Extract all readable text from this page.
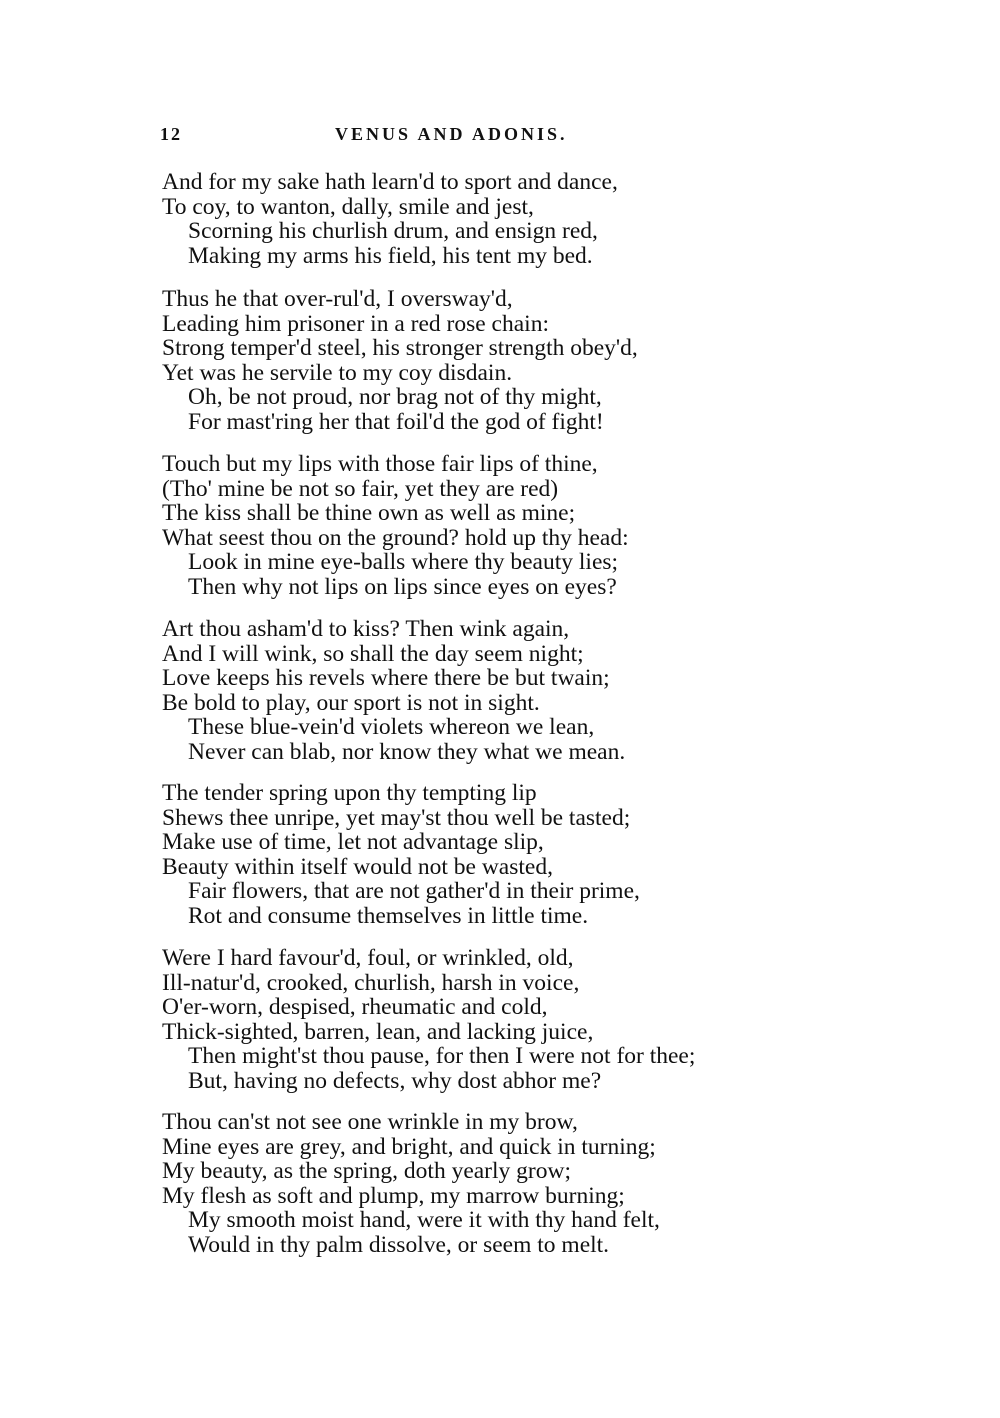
12	VENUS AND ADONIS.
And for my sake hath learn'd to sport and dance,
To coy, to wanton, dally, smile and jest,
Scorning his churlish drum, and ensign red,
Making my arms his field, his tent my bed.
Thus he that over-rul'd, I oversway'd,
Leading him prisoner in a red rose chain:
Strong temper'd steel, his stronger strength obey'd,
Yet was he servile to my coy disdain.
Oh, be not proud, nor brag not of thy might,
For mast'ring her that foil'd the god of fight!
Touch but my lips with those fair lips of thine,
(Tho' mine be not so fair, yet they are red)
The kiss shall be thine own as well as mine;
What seest thou on the ground? hold up thy head:
Look in mine eye-balls where thy beauty lies;
Then why not lips on lips since eyes on eyes?
Art thou asham'd to kiss? Then wink again,
And I will wink, so shall the day seem night;
Love keeps his revels where there be but twain;
Be bold to play, our sport is not in sight.
These blue-vein'd violets whereon we lean,
Never can blab, nor know they what we mean.
The tender spring upon thy tempting lip
Shews thee unripe, yet may'st thou well be tasted;
Make use of time, let not advantage slip,
Beauty within itself would not be wasted,
Fair flowers, that are not gather'd in their prime,
Rot and consume themselves in little time.
Were I hard favour'd, foul, or wrinkled, old,
Ill-natur'd, crooked, churlish, harsh in voice,
O'er-worn, despised, rheumatic and cold,
Thick-sighted, barren, lean, and lacking juice,
Then might'st thou pause, for then I were not for thee;
But, having no defects, why dost abhor me?
Thou can'st not see one wrinkle in my brow,
Mine eyes are grey, and bright, and quick in turning;
My beauty, as the spring, doth yearly grow;
My flesh as soft and plump, my marrow burning;
My smooth moist hand, were it with thy hand felt,
Would in thy palm dissolve, or seem to melt.
